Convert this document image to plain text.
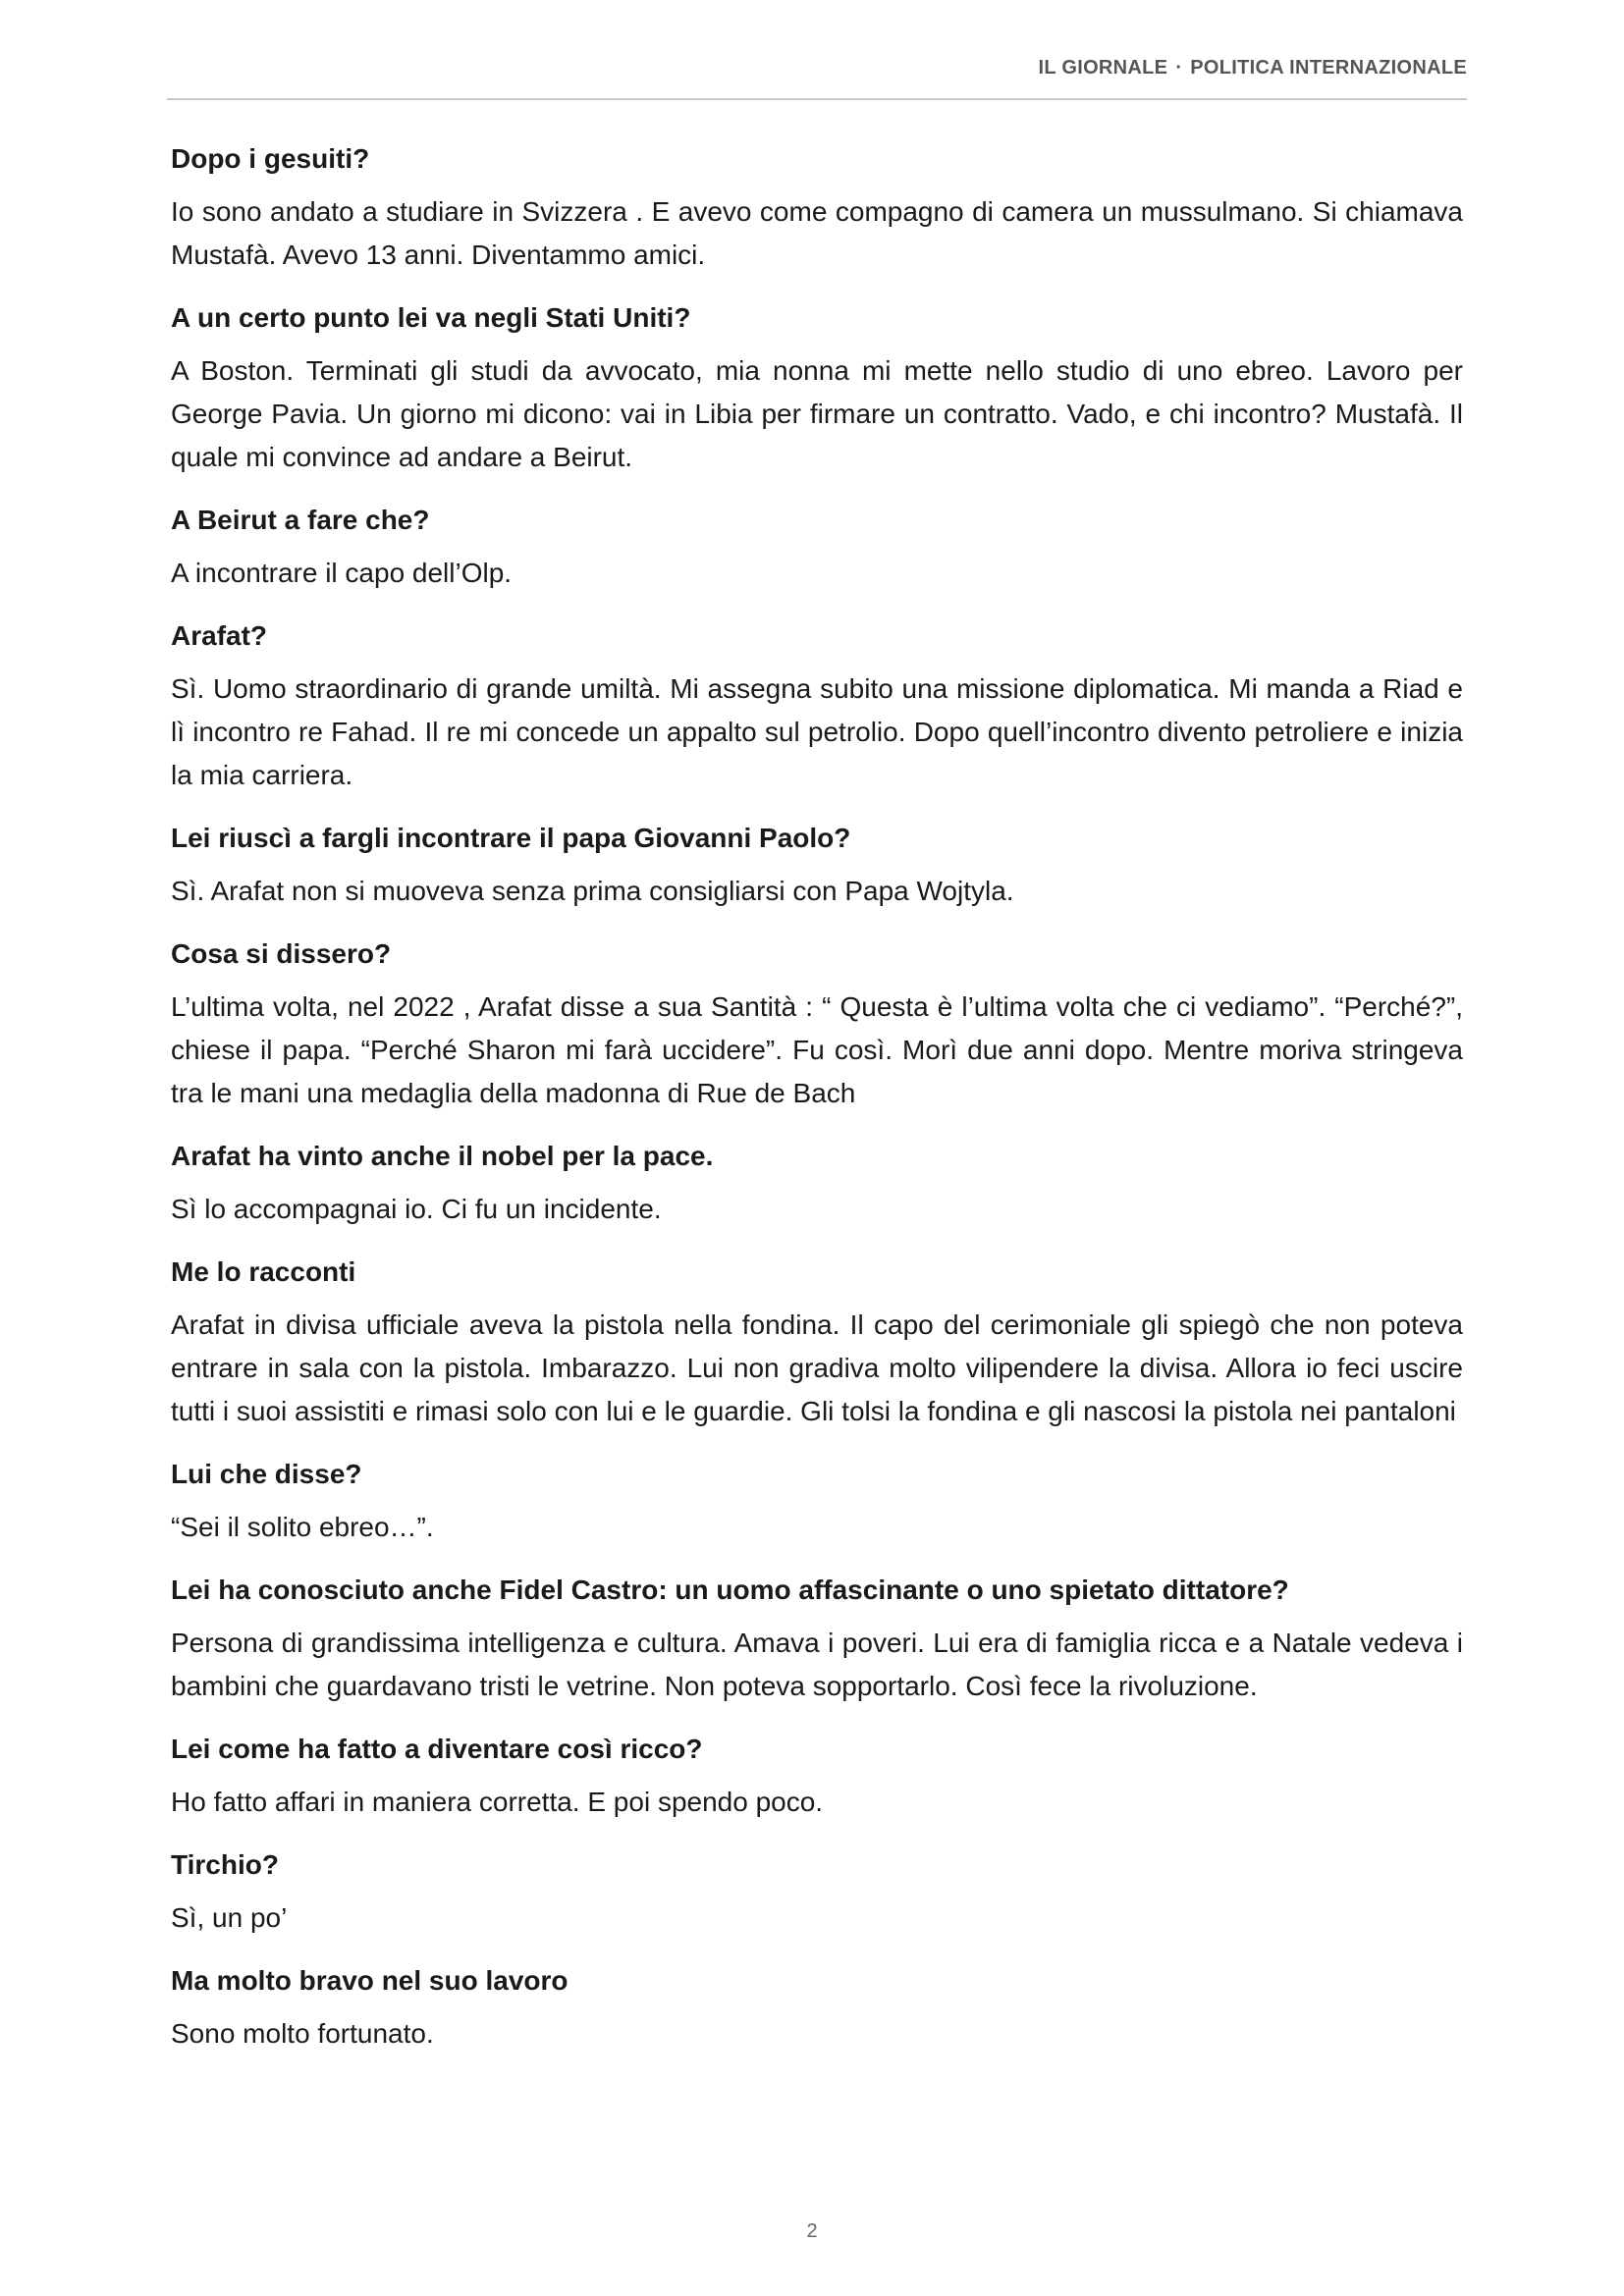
IL GIORNALE · POLITICA INTERNAZIONALE

Dopo i gesuiti?

Io sono andato a studiare in Svizzera . E avevo come compagno di camera un mussulmano. Si chiamava Mustafà. Avevo 13 anni. Diventammo amici.

A un certo punto lei va negli Stati Uniti?

A Boston. Terminati gli studi da avvocato, mia nonna mi mette nello studio di uno ebreo. Lavoro per George Pavia. Un giorno mi dicono: vai in Libia per firmare un contratto. Vado, e chi incontro? Mustafà. Il quale mi convince ad andare a Beirut.

A Beirut a fare che?

A incontrare il capo dell’Olp.

Arafat?

Sì. Uomo straordinario di grande umiltà. Mi assegna subito una missione diplomatica. Mi manda a Riad e lì incontro re Fahad. Il re mi concede un appalto sul petrolio. Dopo quell’incontro divento petroliere e inizia la mia carriera.

Lei riuscì a fargli incontrare il papa Giovanni Paolo?

Sì. Arafat non si muoveva senza prima consigliarsi con Papa Wojtyla.

Cosa si dissero?

L’ultima volta, nel 2022 , Arafat disse a sua Santità : “ Questa è l’ultima volta che ci vediamo”. “Perché?”, chiese il papa. “Perché Sharon mi farà uccidere”. Fu così. Morì due anni dopo. Mentre moriva stringeva tra le mani una medaglia della madonna di Rue de Bach

Arafat ha vinto anche il nobel per la pace.

Sì lo accompagnai io. Ci fu un incidente.

Me lo racconti

Arafat in divisa ufficiale aveva la pistola nella fondina. Il capo del cerimoniale gli spiegò che non poteva entrare in sala con la pistola. Imbarazzo. Lui non gradiva molto vilipendere la divisa. Allora io feci uscire tutti i suoi assistiti e rimasi solo con lui e le guardie. Gli tolsi la fondina e gli nascosi la pistola nei pantaloni

Lui che disse?

“Sei il solito ebreo…”.

Lei ha conosciuto anche Fidel Castro: un uomo affascinante o uno spietato dittatore?

Persona di grandissima intelligenza e cultura. Amava i poveri. Lui era di famiglia ricca e a Natale vedeva i bambini che guardavano tristi le vetrine. Non poteva sopportarlo. Così fece la rivoluzione.

Lei come ha fatto a diventare così ricco?

Ho fatto affari in maniera corretta. E poi spendo poco.

Tirchio?

Sì, un po’

Ma molto bravo nel suo lavoro

Sono molto fortunato.

2
